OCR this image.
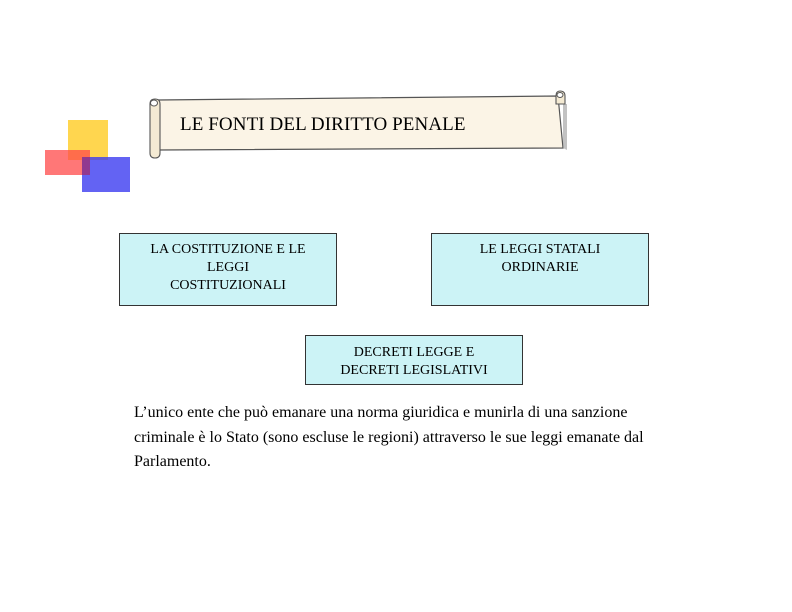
LE FONTI DEL DIRITTO PENALE
LA COSTITUZIONE E LE
LEGGI
COSTITUZIONALI
LE LEGGI STATALI
ORDINARIE
DECRETI LEGGE E
DECRETI LEGISLATIVI

L’unico ente che può emanare una norma giuridica e munirla di una sanzione criminale è lo Stato (sono escluse le regioni) attraverso le sue leggi emanate dal Parlamento.
